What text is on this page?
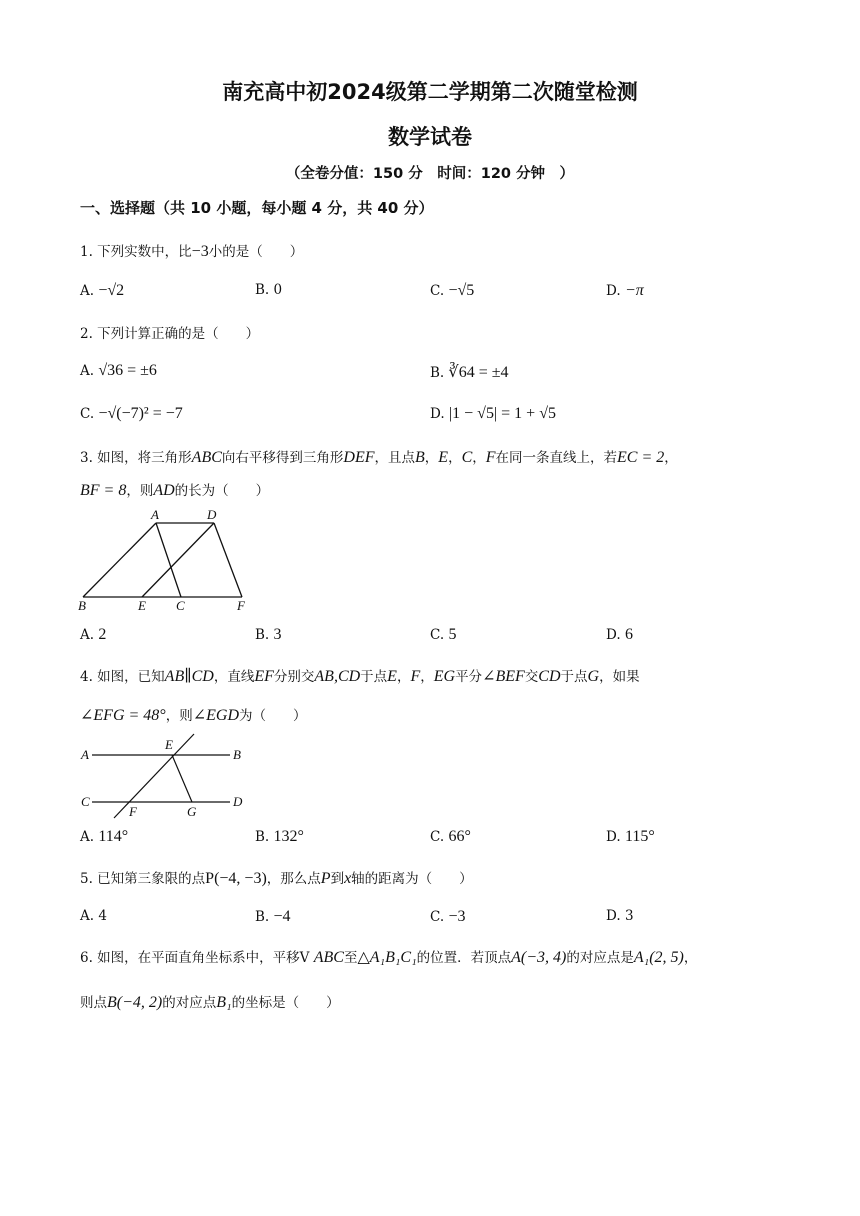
南充高中初2024级第二学期第二次随堂检测
数学试卷
（全卷分值：150 分　时间：120 分钟　）
一、选择题（共 10 小题，每小题 4 分，共 40 分）
1. 下列实数中，比−3小的是（　　）
A. −√2	B. 0	C. −√5	D. −π
2. 下列计算正确的是（　　）
A. √36 = ±6	B. ∛64 = ±4
C. −√(−7)² = −7	D. |1 − √5| = 1 + √5
3. 如图，将三角形ABC向右平移得到三角形DEF，且点B，E，C，F在同一条直线上，若EC = 2，
BF = 8，则AD的长为（　　）
A	D
B	E C	F
A. 2	B. 3	C. 5	D. 6
4. 如图，已知AB∥CD，直线EF分别交AB,CD于点E，F，EG平分∠BEF交CD于点G，如果
∠EFG = 48°，则∠EGD为（　　）
A
E
B
C
F	G
D
A. 114°	B. 132°	C. 66°	D. 115°
5. 已知第三象限的点P(−4, −3)，那么点P到x轴的距离为（　　）
A. 4	B. −4	C. −3	D. 3
6. 如图，在平面直角坐标系中，平移V ABC至△A₁B₁C₁的位置．若顶点A(−3, 4)的对应点是A₁(2, 5)，
则点B(−4, 2)的对应点B₁的坐标是（　　）
